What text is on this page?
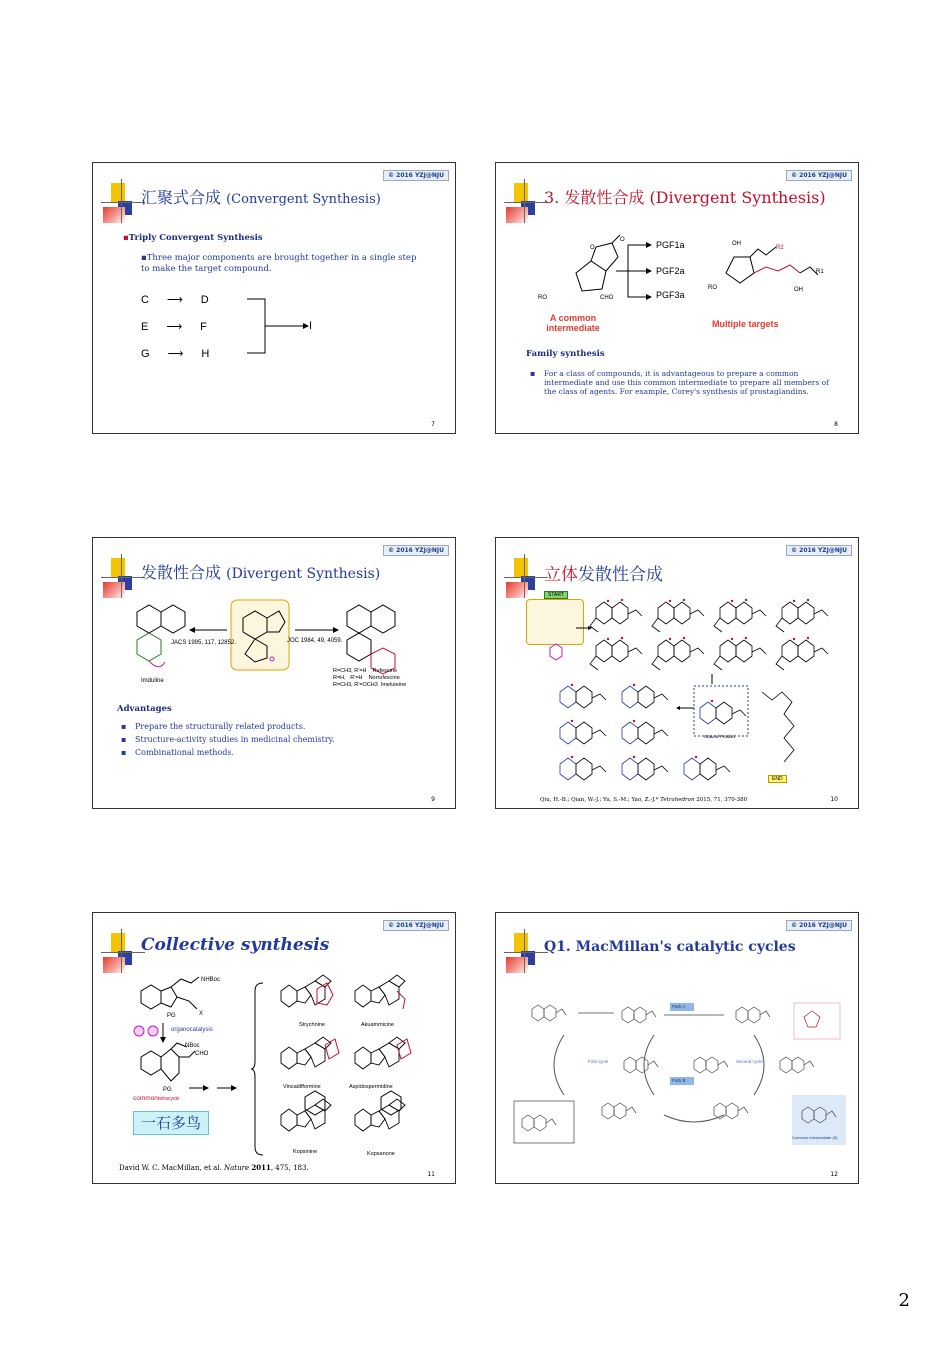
© 2016 YZJ@NJU
汇聚式合成 (Convergent Synthesis)
▪Triply Convergent Synthesis
▪Three major components are brought together in a single step to make the target compound.
C ⟶ D
E ⟶ F
G ⟶ H
I
7
© 2016 YZJ@NJU
3. 发散性合成 (Divergent Synthesis)
O
O
RO	CHO
PGF1a
PGF2a
PGF3a
OH
R2
R1
OH
RO
A common intermediate	Multiple targets
Family synthesis
▪ For a class of compounds, it is advantageous to prepare a common intermediate and use this common intermediate to prepare all members of the class of agents. For example, Corey's synthesis of prostaglandins.
8
© 2016 YZJ@NJU
发散性合成 (Divergent Synthesis)
JACS 1995, 117, 12852.	JOC 1984, 49, 4059.
Imduline
R=CH3, R'=H    Rufescine
R=H,   R'=H    Norrufescine
R=CH3, R'=OCH3  Imeluteine
Advantages
▪ Prepare the structurally related products.
▪ Structure-activity studies in medicinal chemistry.
▪ Combinational methods.
9
© 2016 YZJ@NJU
立体发散性合成
START
Natural Product
END
Qiu, H.-B.; Qian, W.-J.; Yu, S.-M.; Yao, Z.-J.* Tetrahedron 2015, 71, 370-380	10
© 2016 YZJ@NJU
Collective synthesis
NHBoc
X
PG
NBoc
CHO
PG
organocatalysis
commontetracycle
一石多鸟
Strychnine	Akuammicine
Vincadifformine	Aspidospermidine
Kopsinine	Kopsanone
David W. C. MacMillan, et al. Nature 2011, 475, 183.
11
© 2016 YZJ@NJU
Q1. MacMillan's catalytic cycles
Path A
Path B
First cycle	Second cycle
Common intermediate (9)
12
2
